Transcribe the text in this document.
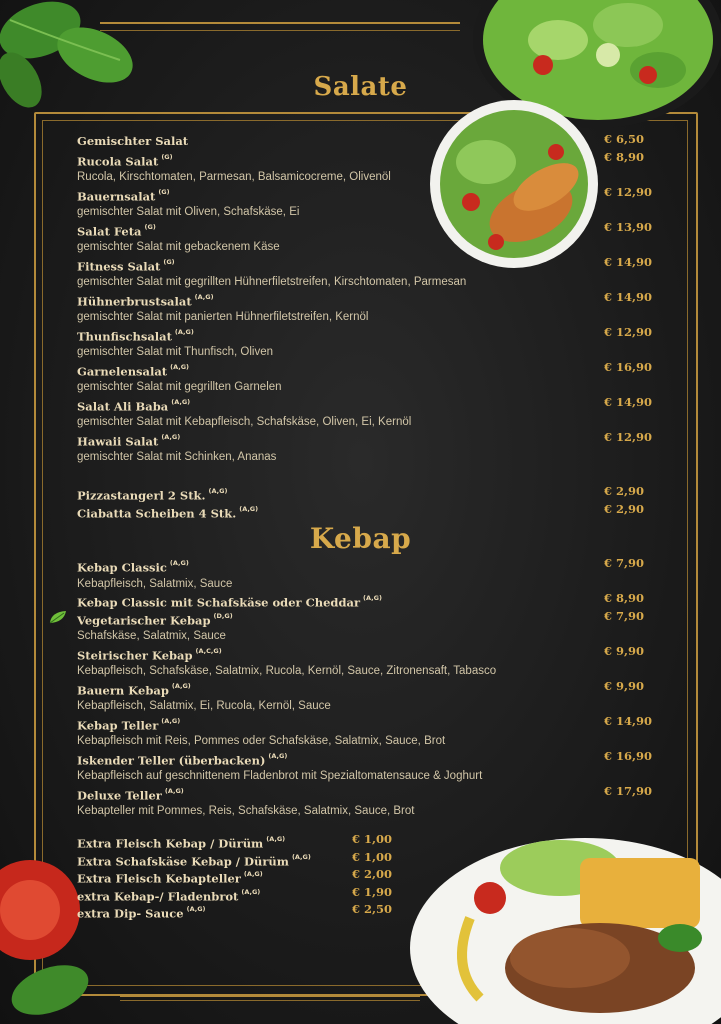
Salate
Gemischter Salat	€ 6,50
Rucola Salat $^{(G)}$	€ 8,90
Rucola, Kirschtomaten, Parmesan, Balsamicocreme, Olivenöl
Bauernsalat $^{(G)}$	€ 12,90
gemischter Salat mit Oliven, Schafskäse, Ei
Salat Feta $^{(G)}$	€ 13,90
gemischter Salat mit gebackenem Käse
Fitness Salat $^{(G)}$	€ 14,90
gemischter Salat mit gegrillten Hühnerfiletstreifen, Kirschtomaten, Parmesan
Hühnerbrustsalat $^{(A,G)}$	€ 14,90
gemischter Salat mit panierten Hühnerfiletstreifen, Kernöl
Thunfischsalat $^{(A,G)}$	€ 12,90
gemischter Salat mit Thunfisch, Oliven
Garnelensalat $^{(A,G)}$	€ 16,90
gemischter Salat mit gegrillten Garnelen
Salat Ali Baba $^{(A,G)}$	€ 14,90
gemischter Salat mit Kebapfleisch, Schafskäse, Oliven, Ei, Kernöl
Hawaii Salat $^{(A,G)}$	€ 12,90
gemischter Salat mit Schinken, Ananas
Pizzastangerl 2 Stk. $^{(A,G)}$	€ 2,90
Ciabatta Scheiben 4 Stk. $^{(A,G)}$	€ 2,90
Kebap
Kebap Classic $^{(A,G)}$	€ 7,90
Kebapfleisch, Salatmix, Sauce
Kebap Classic mit Schafskäse oder Cheddar $^{(A,G)}$	€ 8,90
Vegetarischer Kebap $^{(D,G)}$	€ 7,90
Schafskäse, Salatmix, Sauce
Steirischer Kebap $^{(A,C,G)}$	€ 9,90
Kebapfleisch, Schafskäse, Salatmix, Rucola, Kernöl, Sauce, Zitronensaft, Tabasco
Bauern Kebap $^{(A,G)}$	€ 9,90
Kebapfleisch, Salatmix, Ei, Rucola, Kernöl, Sauce
Kebap Teller $^{(A,G)}$	€ 14,90
Kebapfleisch mit Reis, Pommes oder Schafskäse, Salatmix, Sauce, Brot
Iskender Teller (überbacken) $^{(A,G)}$	€ 16,90
Kebapfleisch auf geschnittenem Fladenbrot mit Spezialtomatensauce & Joghurt
Deluxe Teller $^{(A,G)}$	€ 17,90
Kebapteller mit Pommes, Reis, Schafskäse, Salatmix, Sauce, Brot
Extra Fleisch Kebap / Dürüm $^{(A,G)}$	€ 1,00
Extra Schafskäse Kebap / Dürüm $^{(A,G)}$	€ 1,00
Extra Fleisch Kebapteller $^{(A,G)}$	€ 2,00
extra Kebap-/ Fladenbrot $^{(A,G)}$	€ 1,90
extra Dip- Sauce $^{(A,G)}$	€ 2,50
